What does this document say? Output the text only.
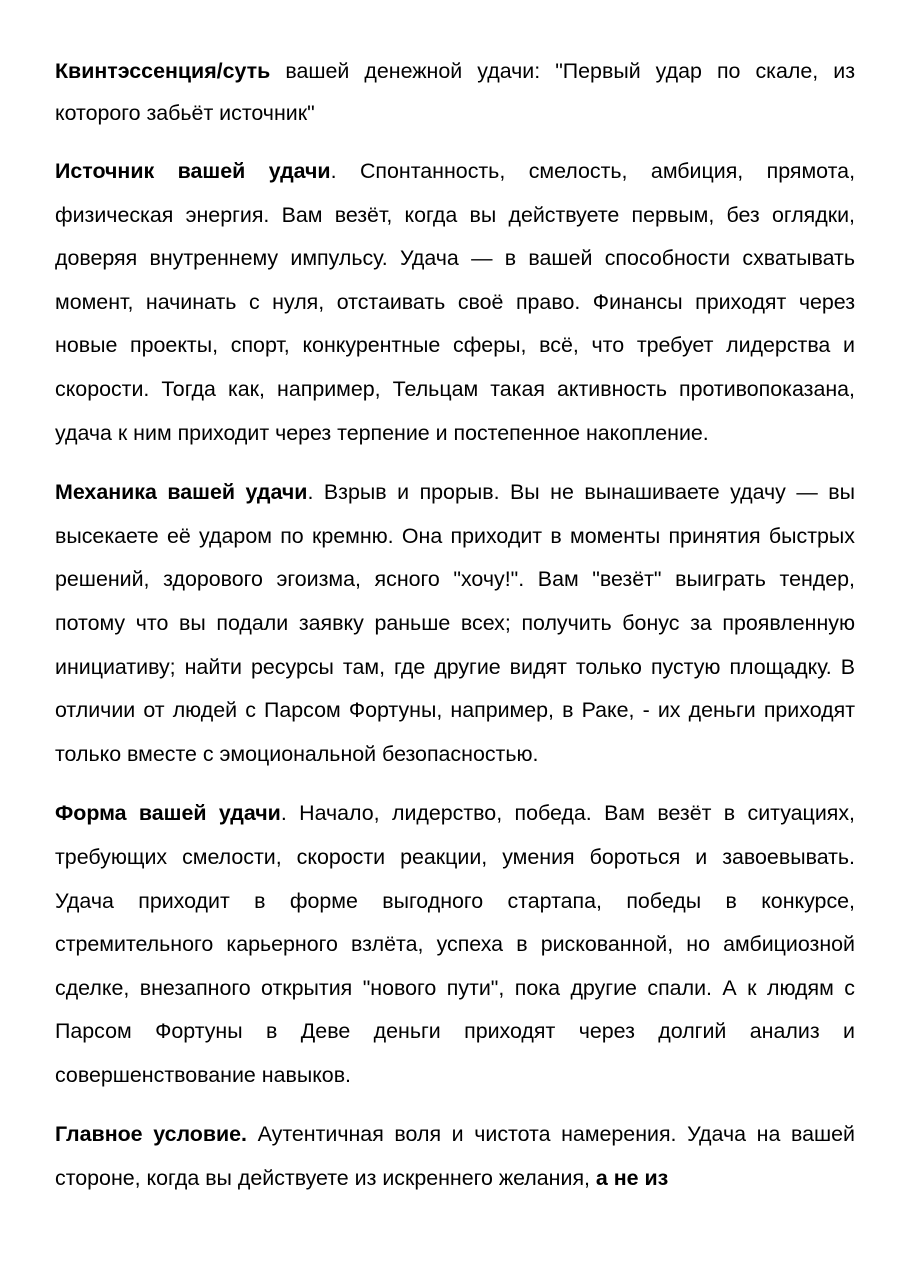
Квинтэссенция/суть вашей денежной удачи: "Первый удар по скале, из которого забьёт источник"

Источник вашей удачи. Спонтанность, смелость, амбиция, прямота, физическая энергия. Вам везёт, когда вы действуете первым, без оглядки, доверяя внутреннему импульсу. Удача — в вашей способности схватывать момент, начинать с нуля, отстаивать своё право. Финансы приходят через новые проекты, спорт, конкурентные сферы, всё, что требует лидерства и скорости. Тогда как, например, Тельцам такая активность противопоказана, удача к ним приходит через терпение и постепенное накопление.

Механика вашей удачи. Взрыв и прорыв. Вы не вынашиваете удачу — вы высекаете её ударом по кремню. Она приходит в моменты принятия быстрых решений, здорового эгоизма, ясного "хочу!". Вам "везёт" выиграть тендер, потому что вы подали заявку раньше всех; получить бонус за проявленную инициативу; найти ресурсы там, где другие видят только пустую площадку. В отличии от людей с Парсом Фортуны, например, в Раке, - их деньги приходят только вместе с эмоциональной безопасностью.

Форма вашей удачи. Начало, лидерство, победа. Вам везёт в ситуациях, требующих смелости, скорости реакции, умения бороться и завоевывать. Удача приходит в форме выгодного стартапа, победы в конкурсе, стремительного карьерного взлёта, успеха в рискованной, но амбициозной сделке, внезапного открытия "нового пути", пока другие спали. А к людям с Парсом Фортуны в Деве деньги приходят через долгий анализ и совершенствование навыков.

Главное условие. Аутентичная воля и чистота намерения. Удача на вашей стороне, когда вы действуете из искреннего желания, а не из
